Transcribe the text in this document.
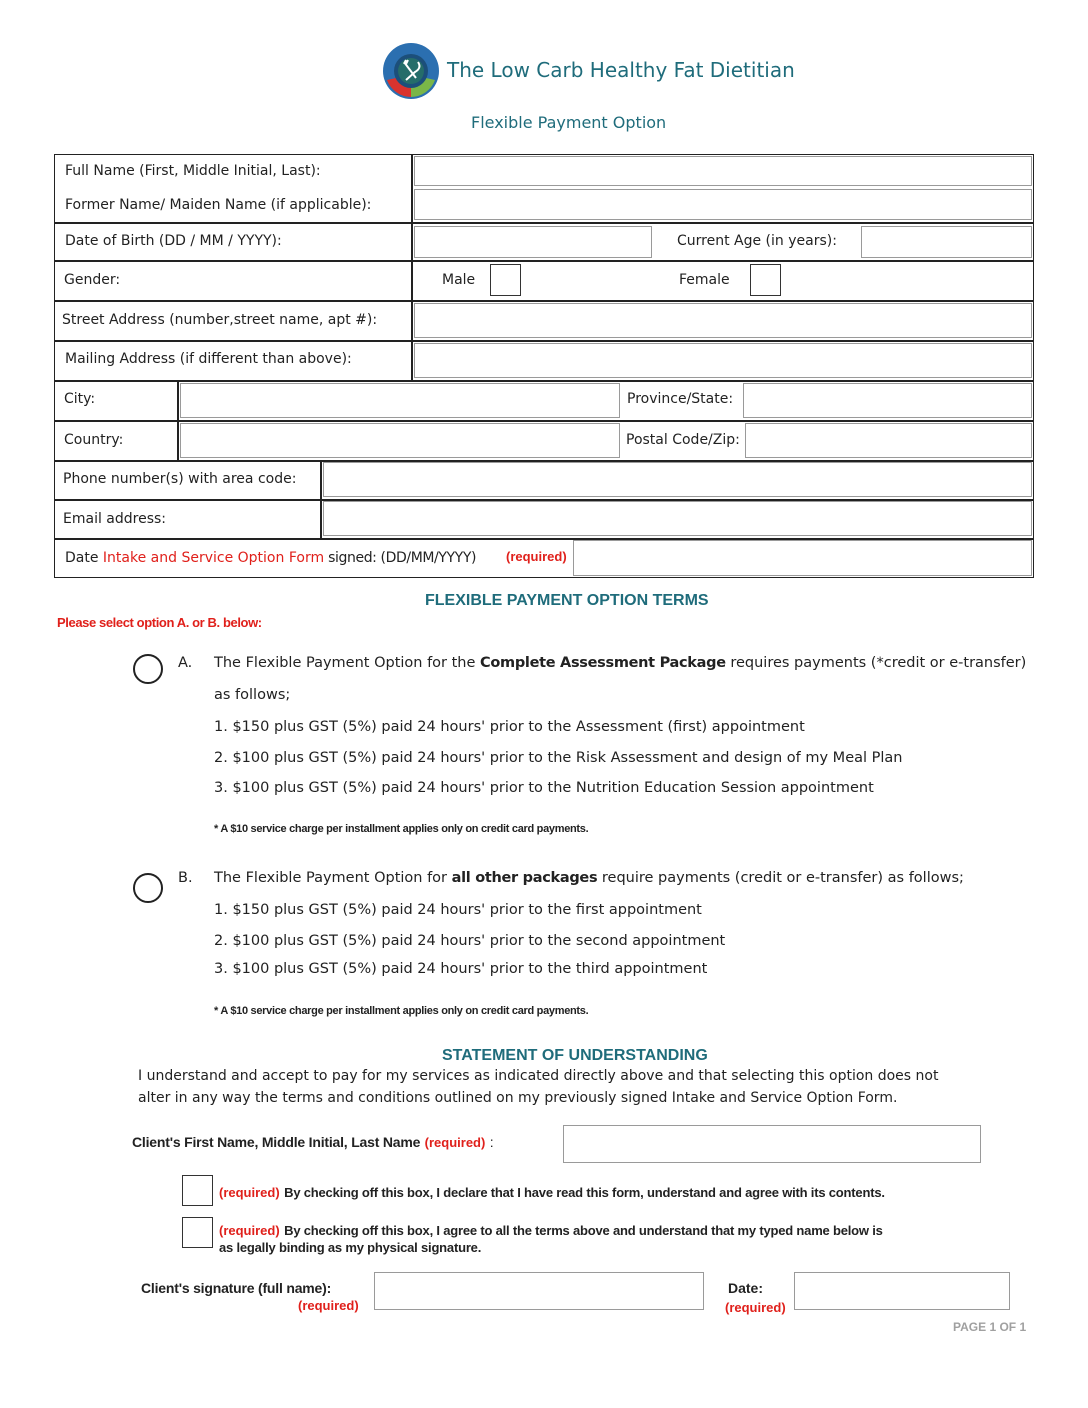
The Low Carb Healthy Fat Dietitian
Flexible Payment Option
Full Name (First, Middle Initial, Last):
Former Name/ Maiden Name (if applicable):
Date of Birth (DD / MM / YYYY):	Current Age (in years):
Gender:	Male	Female
Street Address (number,street name, apt #):
Mailing Address (if different than above):
City:	Province/State:
Country:	Postal Code/Zip:
Phone number(s) with area code:
Email address:
Date Intake and Service Option Form signed: (DD/MM/YYYY) (required)
FLEXIBLE PAYMENT OPTION TERMS
Please select option A. or B. below:
A. The Flexible Payment Option for the Complete Assessment Package requires payments (*credit or e-transfer)
as follows;
1. $150 plus GST (5%) paid 24 hours' prior to the Assessment (first) appointment
2. $100 plus GST (5%) paid 24 hours' prior to the Risk Assessment and design of my Meal Plan
3. $100 plus GST (5%) paid 24 hours' prior to the Nutrition Education Session appointment
* A $10 service charge per installment applies only on credit card payments.
B. The Flexible Payment Option for all other packages require payments (credit or e-transfer) as follows;
1. $150 plus GST (5%) paid 24 hours' prior to the first appointment
2. $100 plus GST (5%) paid 24 hours' prior to the second appointment
3. $100 plus GST (5%) paid 24 hours' prior to the third appointment
* A $10 service charge per installment applies only on credit card payments.
STATEMENT OF UNDERSTANDING
I understand and accept to pay for my services as indicated directly above and that selecting this option does not
alter in any way the terms and conditions outlined on my previously signed Intake and Service Option Form.
Client's First Name, Middle Initial, Last Name (required) :
(required) By checking off this box, I declare that I have read this form, understand and agree with its contents.
(required) By checking off this box, I agree to all the terms above and understand that my typed name below is
as legally binding as my physical signature.
Client's signature (full name):
(required)
Date:
(required)
PAGE 1 OF 1
